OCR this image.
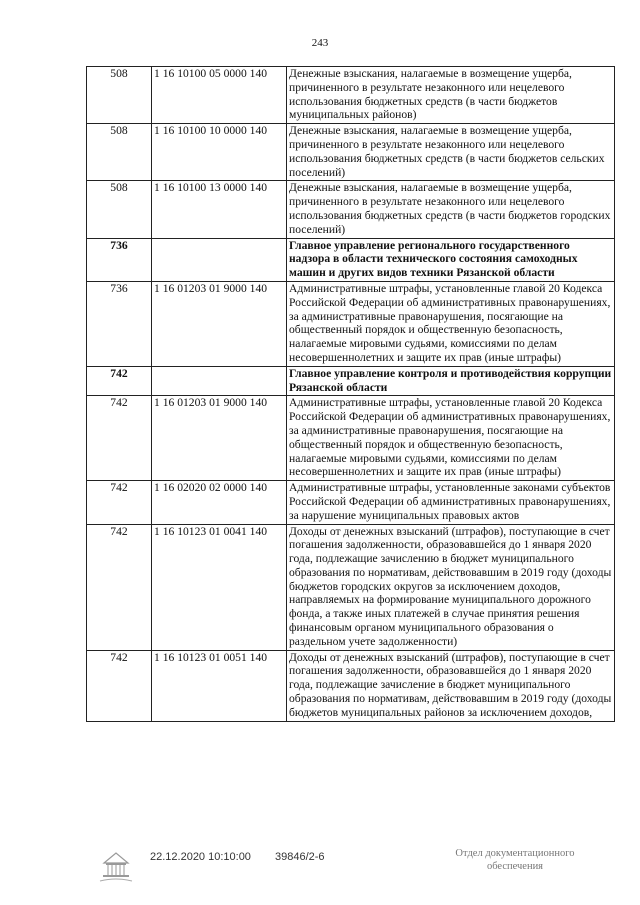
243
508	1 16 10100 05 0000 140	Денежные взыскания, налагаемые в возмещение ущерба, причиненного в результате незаконного или нецелевого использования бюджетных средств (в части бюджетов муниципальных районов)
508	1 16 10100 10 0000 140	Денежные взыскания, налагаемые в возмещение ущерба, причиненного в результате незаконного или нецелевого использования бюджетных средств (в части бюджетов сельских поселений)
508	1 16 10100 13 0000 140	Денежные взыскания, налагаемые в возмещение ущерба, причиненного в результате незаконного или нецелевого использования бюджетных средств (в части бюджетов городских поселений)
736		Главное управление регионального государственного надзора в области технического состояния самоходных машин и других видов техники Рязанской области
736	1 16 01203 01 9000 140	Административные штрафы, установленные главой 20 Кодекса Российской Федерации об административных правонарушениях, за административные правонарушения, посягающие на общественный порядок и общественную безопасность, налагаемые мировыми судьями, комиссиями по делам несовершеннолетних и защите их прав (иные штрафы)
742		Главное управление контроля и противодействия коррупции Рязанской области
742	1 16 01203 01 9000 140	Административные штрафы, установленные главой 20 Кодекса Российской Федерации об административных правонарушениях, за административные правонарушения, посягающие на общественный порядок и общественную безопасность, налагаемые мировыми судьями, комиссиями по делам несовершеннолетних и защите их прав (иные штрафы)
742	1 16 02020 02 0000 140	Административные штрафы, установленные законами субъектов Российской Федерации об административных правонарушениях, за нарушение муниципальных правовых актов
742	1 16 10123 01 0041 140	Доходы от денежных взысканий (штрафов), поступающие в счет погашения задолженности, образовавшейся до 1 января 2020 года, подлежащие зачислению в бюджет муниципального образования по нормативам, действовавшим в 2019 году (доходы бюджетов городских округов за исключением доходов, направляемых на формирование муниципального дорожного фонда, а также иных платежей в случае принятия решения финансовым органом муниципального образования о раздельном учете задолженности)
742	1 16 10123 01 0051 140	Доходы от денежных взысканий (штрафов), поступающие в счет погашения задолженности, образовавшейся до 1 января 2020 года, подлежащие зачисление в бюджет муниципального образования по нормативам, действовавшим в 2019 году (доходы бюджетов муниципальных районов за исключением доходов,
22.12.2020 10:10:00 39846/2-6	Отдел документационного
обеспечения
